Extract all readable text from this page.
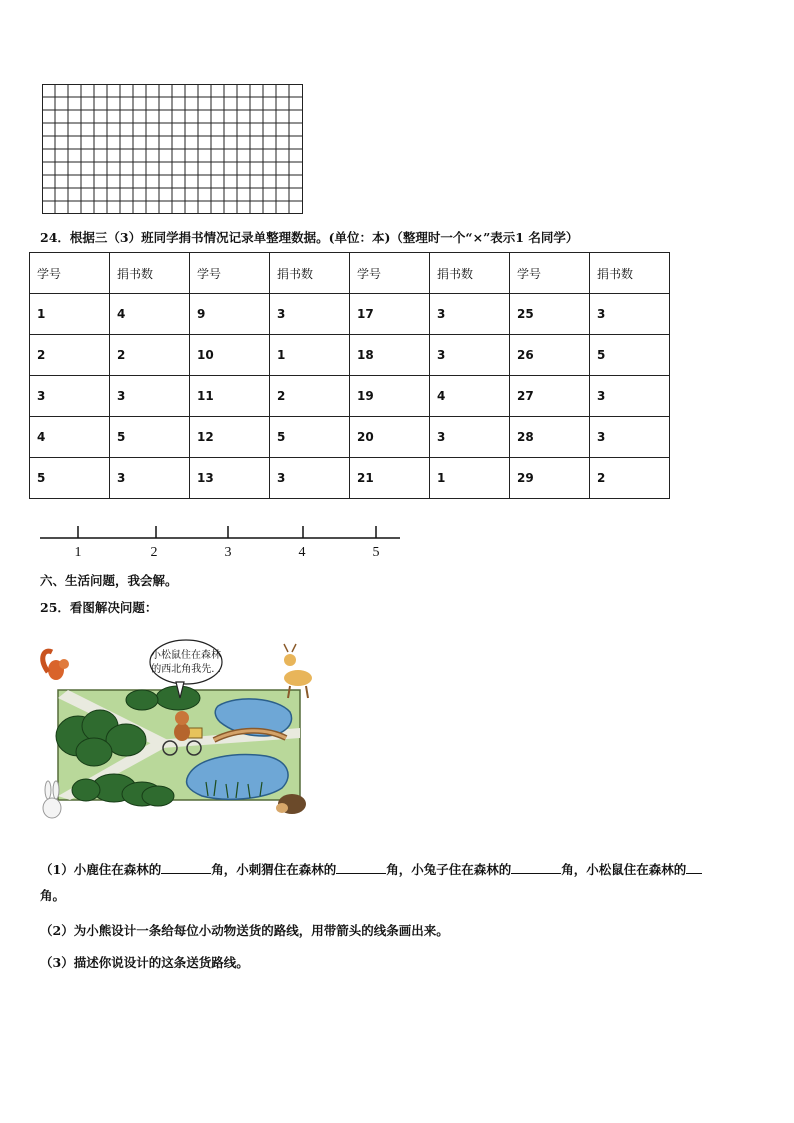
24．根据三（3）班同学捐书情况记录单整理数据。(单位：本)（整理时一个“×”表示1 名同学）
学号	捐书数	学号	捐书数	学号	捐书数	学号	捐书数
1	4	9	3	17	3	25	3
2	2	10	1	18	3	26	5
3	3	11	2	19	4	27	3
4	5	12	5	20	3	28	3
5	3	13	3	21	1	29	2
1	2	3	4	5
六、生活问题，我会解。
25．看图解决问题：
小松鼠住在森林
的西北角我先. .
（1）小鹿住在森林的	角，小刺猬住在森林的	角，小兔子住在森林的	角，小松鼠住在森林的
角。
（2）为小熊设计一条给每位小动物送货的路线，用带箭头的线条画出来。
（3）描述你说设计的这条送货路线。
